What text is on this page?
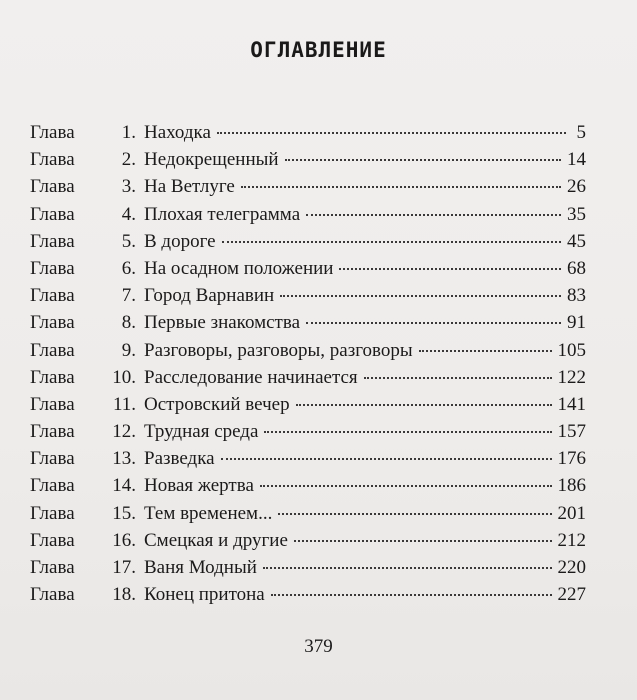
ОГЛАВЛЕНИЕ
Глава	1. Находка	5
Глава	2. Недокрещенный	14
Глава	3. На Ветлуге	26
Глава	4. Плохая телеграмма	35
Глава	5. В дороге	45
Глава	6. На осадном положении	68
Глава	7. Город Варнавин	83
Глава	8. Первые знакомства	91
Глава	9. Разговоры, разговоры, разговоры	105
Глава	10. Расследование начинается	122
Глава	11. Островский вечер	141
Глава	12. Трудная среда	157
Глава	13. Разведка	176
Глава	14. Новая жертва	186
Глава	15. Тем временем...	201
Глава	16. Смецкая и другие	212
Глава	17. Ваня Модный	220
Глава	18. Конец притона	227
379
